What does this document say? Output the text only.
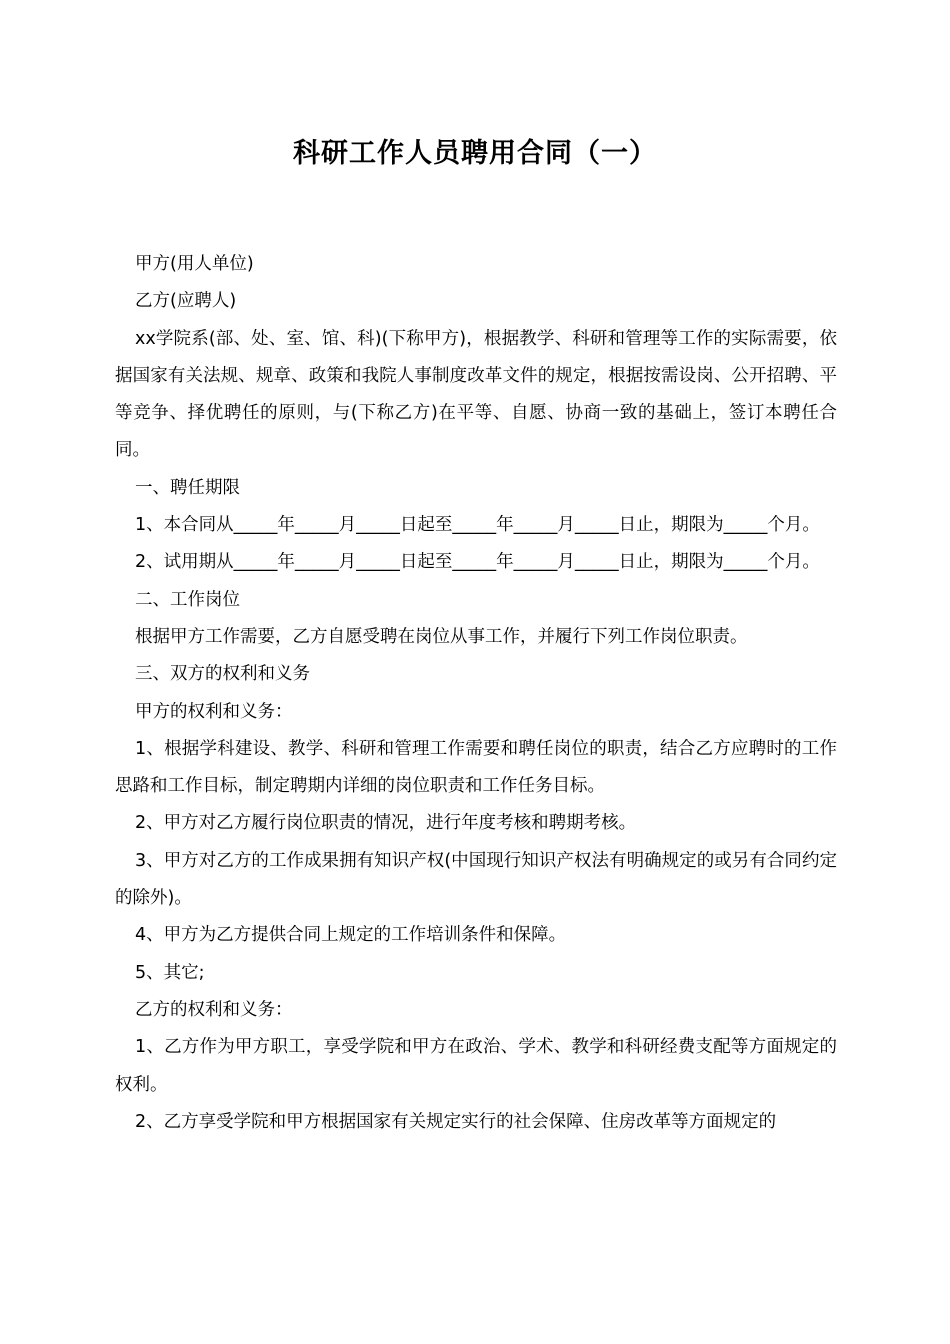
科研工作人员聘用合同（一）

甲方(用人单位)

乙方(应聘人)

xx学院系(部、处、室、馆、科)(下称甲方)，根据教学、科研和管理等工作的实际需要，依据国家有关法规、规章、政策和我院人事制度改革文件的规定，根据按需设岗、公开招聘、平等竞争、择优聘任的原则，与(下称乙方)在平等、自愿、协商一致的基础上，签订本聘任合同。

一、聘任期限

1、本合同从_____年_____月_____日起至_____年_____月_____日止，期限为_____个月。

2、试用期从_____年_____月_____日起至_____年_____月_____日止，期限为_____个月。

二、工作岗位

根据甲方工作需要，乙方自愿受聘在岗位从事工作，并履行下列工作岗位职责。

三、双方的权利和义务

甲方的权利和义务：

1、根据学科建设、教学、科研和管理工作需要和聘任岗位的职责，结合乙方应聘时的工作思路和工作目标，制定聘期内详细的岗位职责和工作任务目标。

2、甲方对乙方履行岗位职责的情况，进行年度考核和聘期考核。

3、甲方对乙方的工作成果拥有知识产权(中国现行知识产权法有明确规定的或另有合同约定的除外)。

4、甲方为乙方提供合同上规定的工作培训条件和保障。

5、其它;

乙方的权利和义务：

1、乙方作为甲方职工，享受学院和甲方在政治、学术、教学和科研经费支配等方面规定的权利。

2、乙方享受学院和甲方根据国家有关规定实行的社会保障、住房改革等方面规定的
